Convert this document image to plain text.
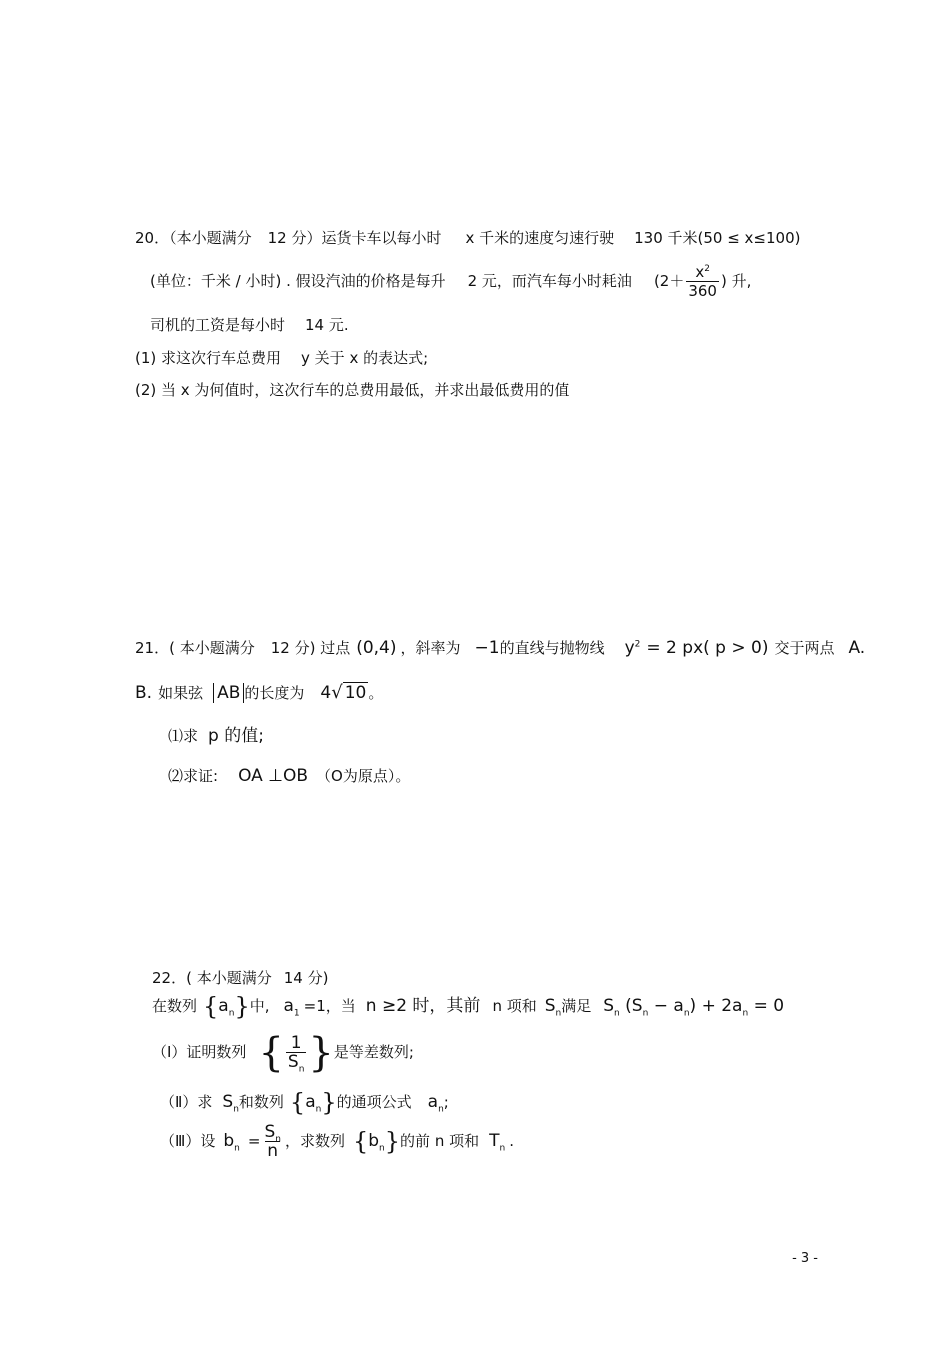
20．（本小题满分 12 分）运货卡车以每小时 x 千米的速度匀速行驶 130 千米(50 ≤ x≤100)
(单位：千米 / 小时) . 假设汽油的价格是每升 2 元，而汽车每小时耗油 ($2+ \frac{x^2}{360}$ ) 升,
司机的工资是每小时 14 元.
(1) 求这次行车总费用 y 关于 x 的表达式;
(2) 当 x 为何值时，这次行车的总费用最低，并求出最低费用的值
21．( 本小题满分 12 分) 过点 (0,4) ，斜率为 −1的直线与抛物线 $y^2 = 2$ px( p > 0) 交于两点 A.
B. 如果弦 AB 的长度为 4√ 10 。
⑴求 p 的值;
⑵求证: OA ⊥OB （O为原点）。
22．( 本小题满分 14 分)
在数列 $\{a_n\}$中, $a_1 =1$，当 n ≥2 时，其前 n 项和 $S_n$满足 $S_n$ $(S_n - a_n) + 2a_n = 0$
（Ⅰ）证明数列 { $\frac{1}{S_n}$ }是等差数列;
（Ⅱ）求 $S_n$和数列 $\{a_n\}$的通项公式 $a_n$;
（Ⅲ）设 $b_n = \frac{S_n}{n}$ ，求数列 $\{b_n\}$的前 n 项和 $T_n$ .
- 3 -
